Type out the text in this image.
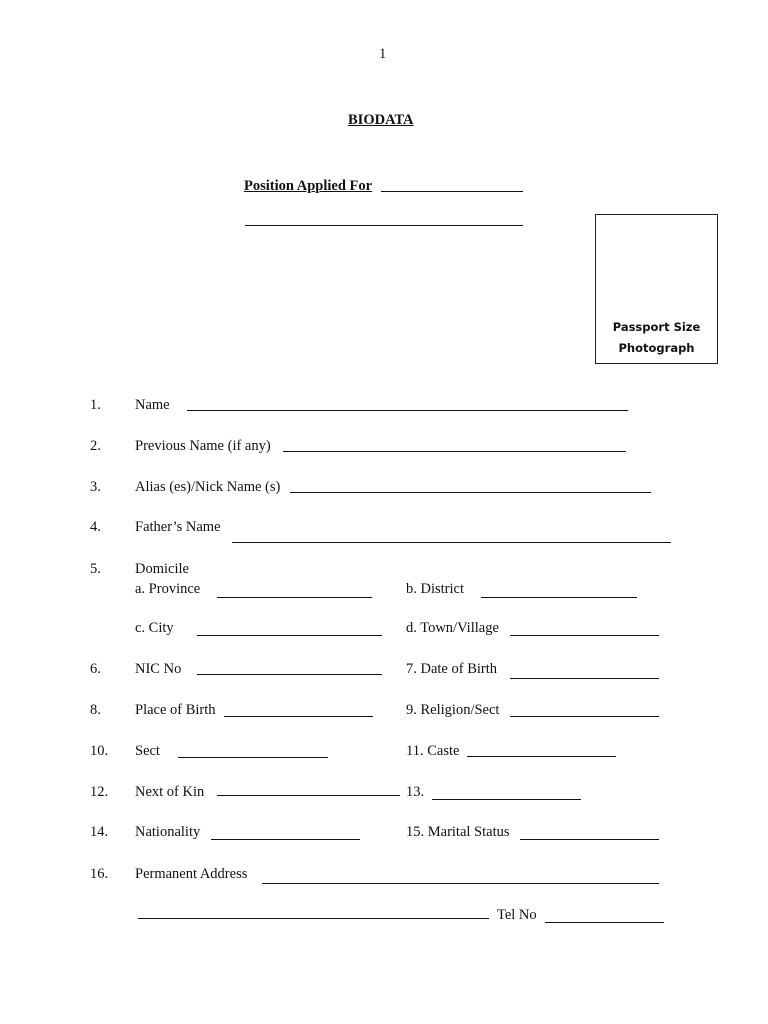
1
BIODATA
Position Applied For
Passport Size
Photograph
1. Name
2. Previous Name (if any)
3. Alias (es)/Nick Name (s)
4. Father’s Name
5. Domicile
a. Province	b. District
c. City	d. Town/Village
6. NIC No	7. Date of Birth
8. Place of Birth	9. Religion/Sect
10. Sect	11. Caste
12. Next of Kin	13.
14. Nationality	15. Marital Status
16. Permanent Address
Tel No
